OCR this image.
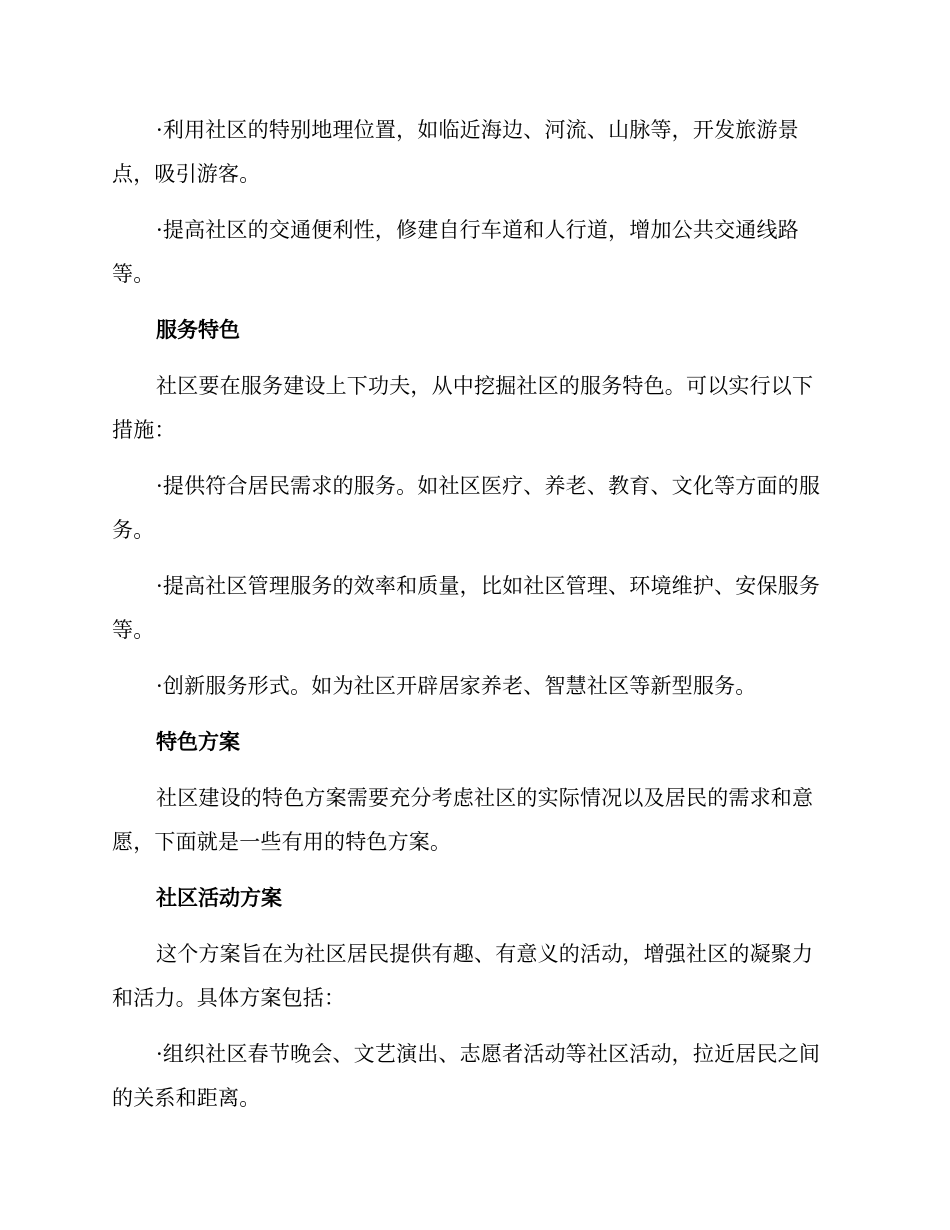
·利用社区的特别地理位置，如临近海边、河流、山脉等，开发旅游景点，吸引游客。

·提高社区的交通便利性，修建自行车道和人行道，增加公共交通线路等。

服务特色

社区要在服务建设上下功夫，从中挖掘社区的服务特色。可以实行以下措施：

·提供符合居民需求的服务。如社区医疗、养老、教育、文化等方面的服务。

·提高社区管理服务的效率和质量，比如社区管理、环境维护、安保服务等。

·创新服务形式。如为社区开辟居家养老、智慧社区等新型服务。

特色方案

社区建设的特色方案需要充分考虑社区的实际情况以及居民的需求和意愿，下面就是一些有用的特色方案。

社区活动方案

这个方案旨在为社区居民提供有趣、有意义的活动，增强社区的凝聚力和活力。具体方案包括：

·组织社区春节晚会、文艺演出、志愿者活动等社区活动，拉近居民之间的关系和距离。
